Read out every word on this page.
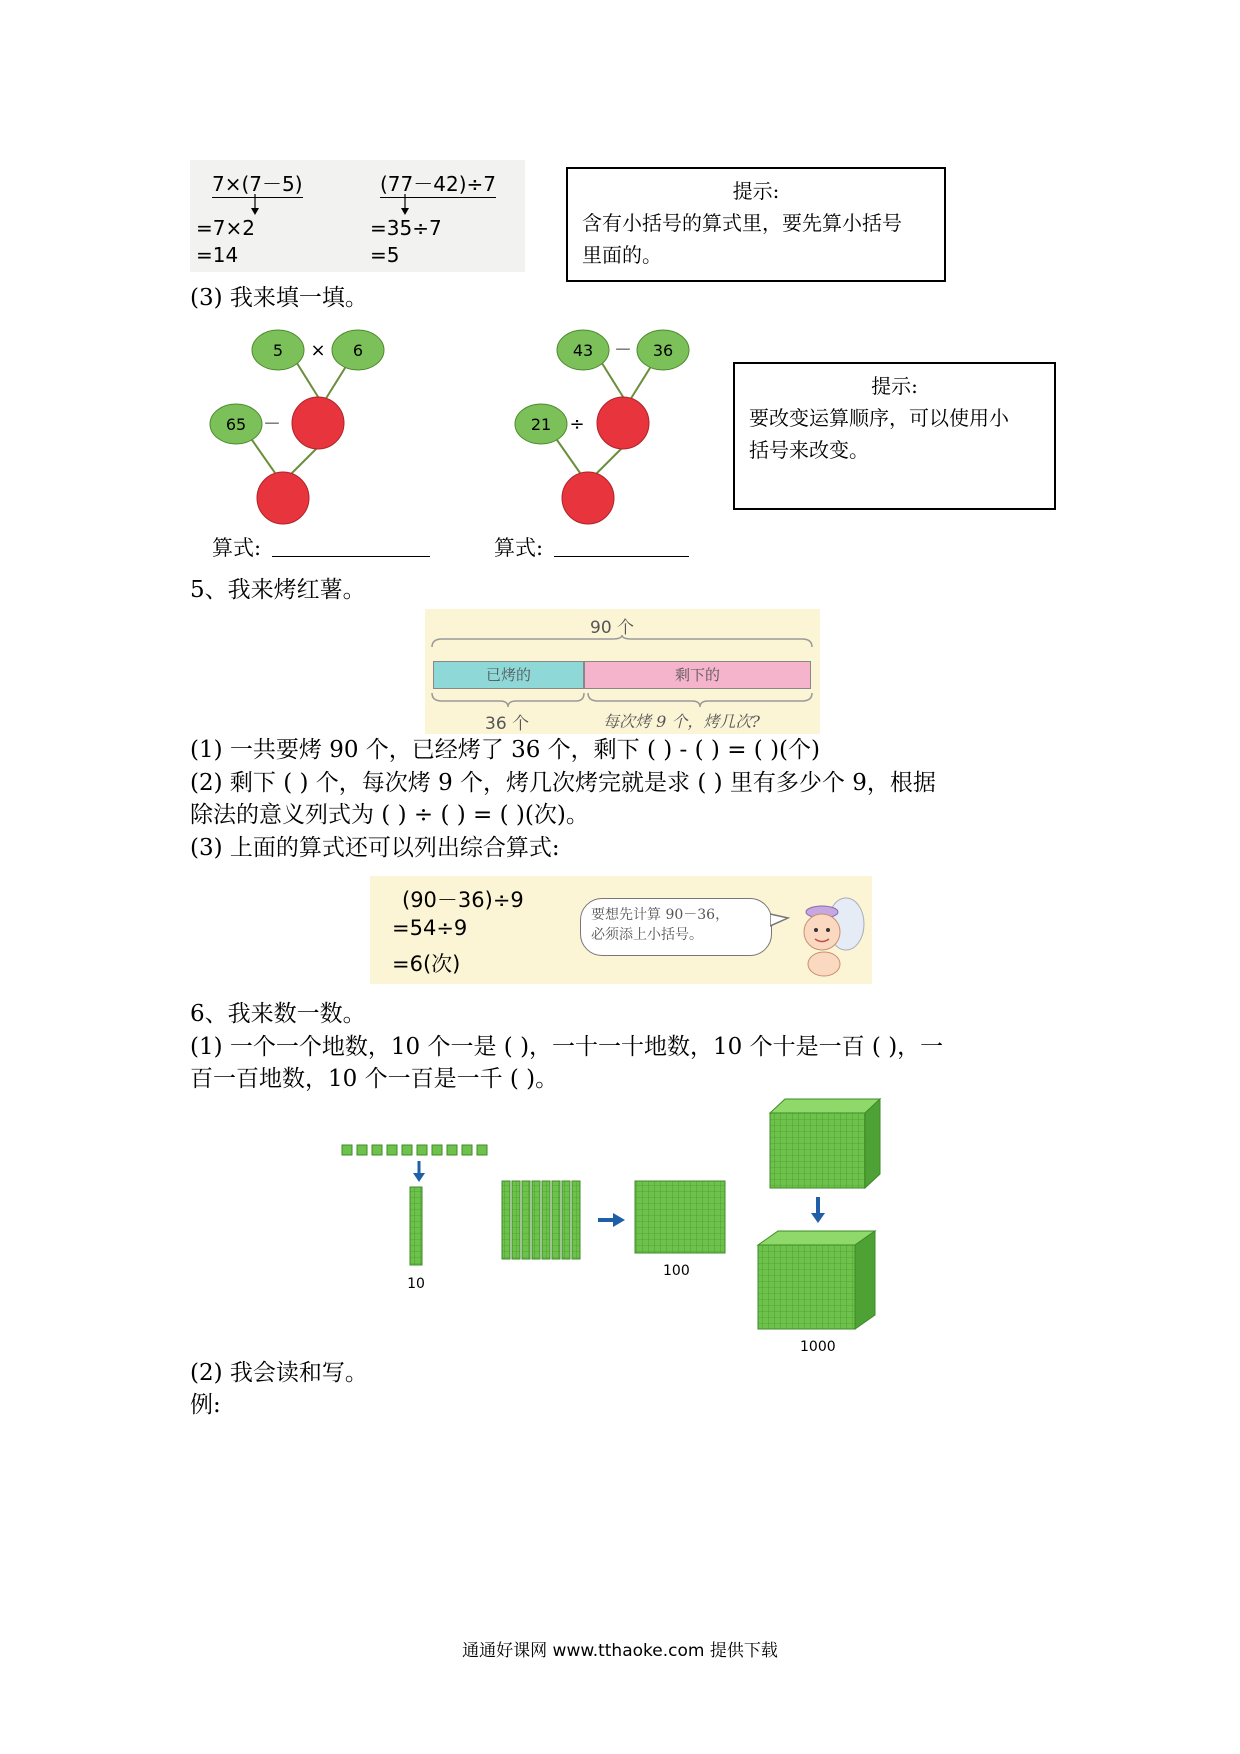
7×(7－5)
=7×2
=14
(77－42)÷7
=35÷7
=5
提示:
含有小括号的算式里，要先算小括号
里面的。
(3) 我来填一填。
5 × 6
65 －
算式:
43 － 36
21 ÷
算式:
提示:
要改变运算顺序，可以使用小
括号来改变。
5、我来烤红薯。
90 个
已烤的	剩下的
36 个	每次烤 9 个，烤几次?
(1) 一共要烤 90 个，已经烤了 36 个，剩下 ( ) - ( ) = ( )(个)
(2) 剩下 ( ) 个，每次烤 9 个，烤几次烤完就是求 ( ) 里有多少个 9，根据
除法的意义列式为 ( ) ÷ ( ) = ( )(次)。
(3) 上面的算式还可以列出综合算式:
(90－36)÷9
=54÷9
=6(次)
要想先计算 90－36，
必须添上小括号。
6、我来数一数。
(1) 一个一个地数，10 个一是 ( )，一十一十地数，10 个十是一百 ( )，一
百一百地数，10 个一百是一千 ( )。
10
100
1000
(2) 我会读和写。
例:
通通好课网 www.tthaoke.com 提供下载
